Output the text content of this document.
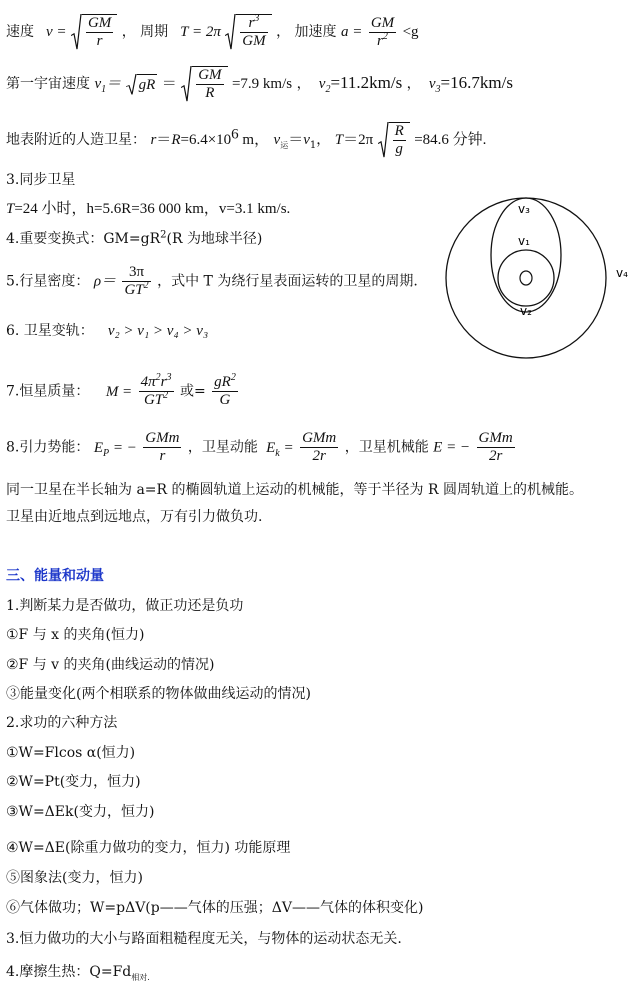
速度   $v = \frac{GM}{r}$ ， 周期   $T = 2\pi \frac{r^3}{GM}$ ， 加速度 $a = \frac{GM}{r^2} <g$
第一宇宙速度 $v_1=$ gR ＝ $\frac{GM}{R} =7.9$ km/s ，  $v_2=11.2km/s$ ，  $v_3=16.7km/s$
地表附近的人造卫星： $r=R=6.4\times 10^6$ m， $v_运=v_1$， $T=2\pi \frac{R}{g} =84.6$ 分钟.
3.同步卫星
T=24 小时，h=5.6R=36 000 km，v=3.1 km/s.
4.重要变换式：$GM=gR^2(R$ 为地球半径)
5.行星密度： $\rho= \frac{3\pi}{GT^2}$ ，式中 T 为绕行星表面运转的卫星的周期.
6. 卫星变轨： v₂ > v₁ > v₄ > v₃
7.恒星质量： $M = \frac{4\pi^2r^3}{GT^2}$ 或= $\frac{gR^2}{G}$
8.引力势能： $E_P$ = − $\frac{\text{GMm}}{r}$ ，卫星动能  $E_k = \frac{\text{GMm}}{2r}$ ，卫星机械能 E = − $\frac{\text{GMm}}{2r}$
同一卫星在半长轴为 a=R 的椭圆轨道上运动的机械能，等于半径为 R 圆周轨道上的机械能。
卫星由近地点到远地点，万有引力做负功.
v₃
v₁
v₂
v₄
三、能量和动量
1.判断某力是否做功，做正功还是负功
①F 与 x 的夹角(恒力)
②F 与 v 的夹角(曲线运动的情况)
③能量变化(两个相联系的物体做曲线运动的情况)
2.求功的六种方法
①W=Flcos α(恒力)
②W=Pt(变力，恒力)
③W=ΔEk(变力，恒力)
④W=ΔE(除重力做功的变力，恒力) 功能原理
⑤图象法(变力，恒力)
⑥气体做功；W=pΔV(p——气体的压强；ΔV——气体的体积变化)
3.恒力做功的大小与路面粗糙程度无关，与物体的运动状态无关.
4.摩擦生热：$Q=Fd_{相对.}$
